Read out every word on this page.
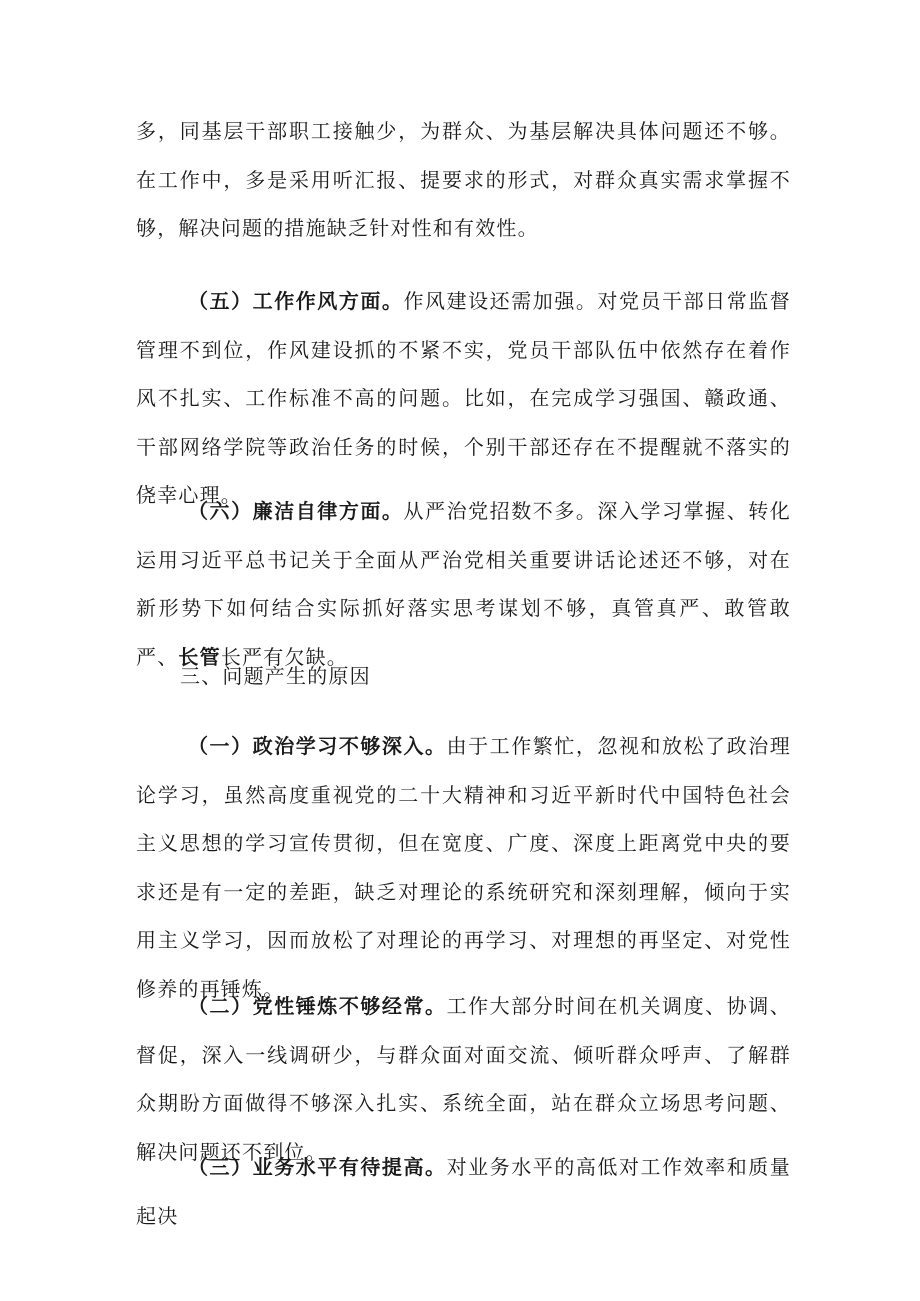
多，同基层干部职工接触少，为群众、为基层解决具体问题还不够。在工作中，多是采用听汇报、提要求的形式，对群众真实需求掌握不够，解决问题的措施缺乏针对性和有效性。

（五）工作作风方面。作风建设还需加强。对党员干部日常监督管理不到位，作风建设抓的不紧不实，党员干部队伍中依然存在着作风不扎实、工作标准不高的问题。比如，在完成学习强国、赣政通、干部网络学院等政治任务的时候，个别干部还存在不提醒就不落实的侥幸心理。

（六）廉洁自律方面。从严治党招数不多。深入学习掌握、转化运用习近平总书记关于全面从严治党相关重要讲话论述还不够，对在新形势下如何结合实际抓好落实思考谋划不够，真管真严、敢管敢严、长管长严有欠缺。

三、问题产生的原因

（一）政治学习不够深入。由于工作繁忙，忽视和放松了政治理论学习，虽然高度重视党的二十大精神和习近平新时代中国特色社会主义思想的学习宣传贯彻，但在宽度、广度、深度上距离党中央的要求还是有一定的差距，缺乏对理论的系统研究和深刻理解，倾向于实用主义学习，因而放松了对理论的再学习、对理想的再坚定、对党性修养的再锤炼。

（二）党性锤炼不够经常。工作大部分时间在机关调度、协调、督促，深入一线调研少，与群众面对面交流、倾听群众呼声、了解群众期盼方面做得不够深入扎实、系统全面，站在群众立场思考问题、解决问题还不到位。

（三）业务水平有待提高。对业务水平的高低对工作效率和质量起决
